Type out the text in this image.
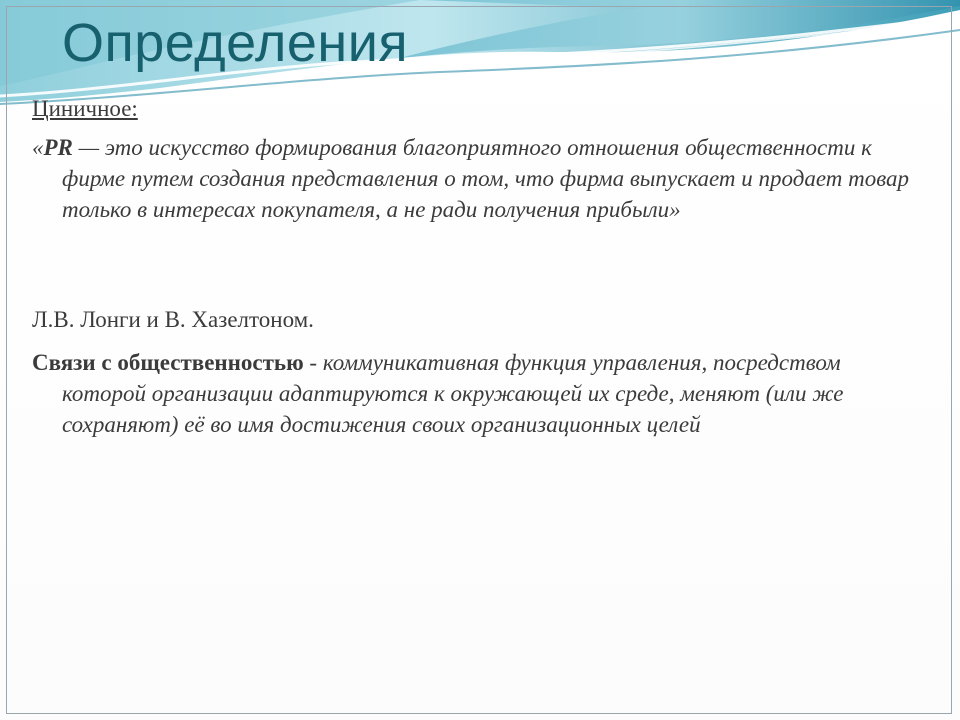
Определения

Циничное:

«PR — это искусство формирования благоприятного отношения общественности к фирме путем создания представления о том, что фирма выпускает и продает товар только в интересах покупателя, а не ради получения прибыли»

Л.В. Лонги и В. Хазелтоном.

Связи с общественностью - коммуникативная функция управления, посредством которой организации адаптируются к окружающей их среде, меняют (или же сохраняют) её во имя достижения своих организационных целей
